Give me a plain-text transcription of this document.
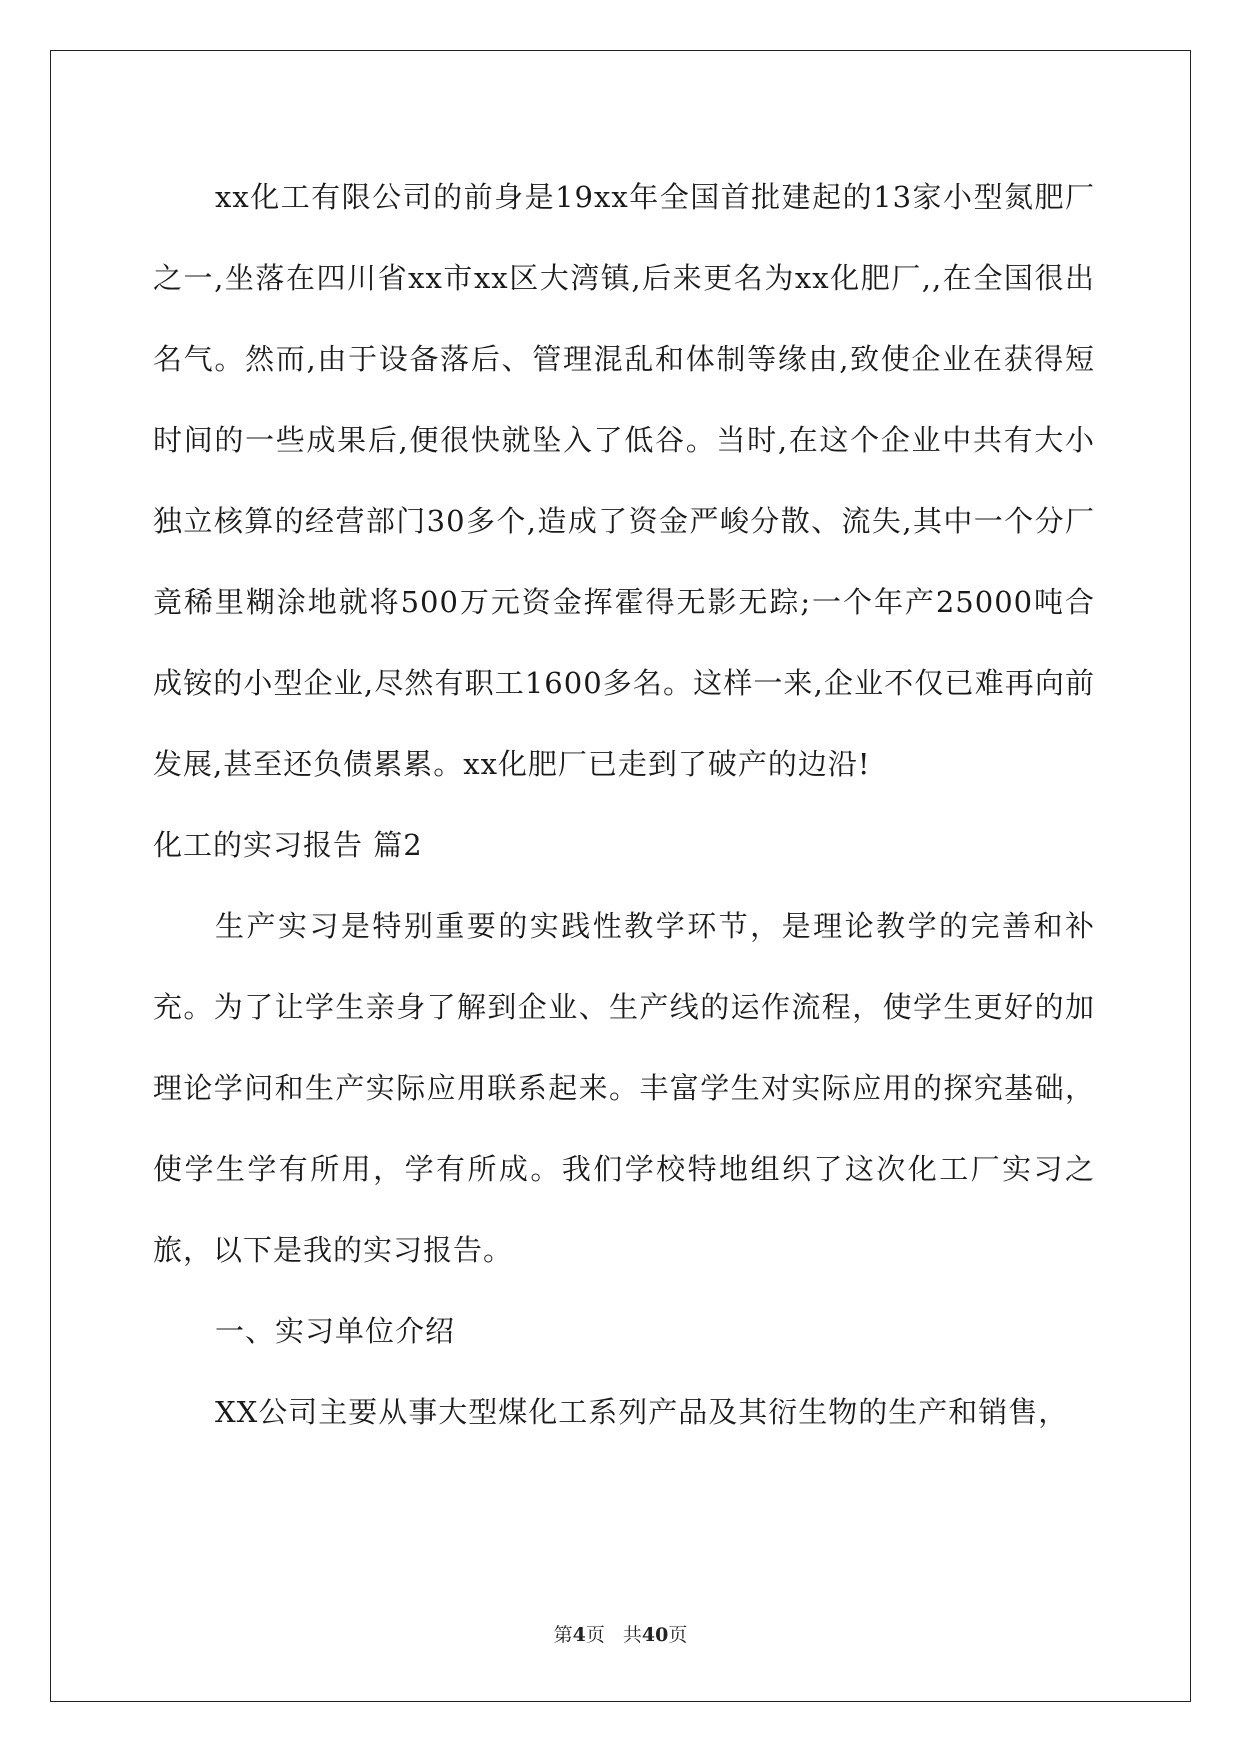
xx化工有限公司的前身是19xx年全国首批建起的13家小型氮肥厂之一,坐落在四川省xx市xx区大湾镇,后来更名为xx化肥厂,,在全国很出名气。然而,由于设备落后、管理混乱和体制等缘由,致使企业在获得短时间的一些成果后,便很快就坠入了低谷。当时,在这个企业中共有大小独立核算的经营部门30多个,造成了资金严峻分散、流失,其中一个分厂竟稀里糊涂地就将500万元资金挥霍得无影无踪;一个年产25000吨合成铵的小型企业,尽然有职工1600多名。这样一来,企业不仅已难再向前发展,甚至还负债累累。xx化肥厂已走到了破产的边沿!

化工的实习报告 篇2

生产实习是特别重要的实践性教学环节，是理论教学的完善和补充。为了让学生亲身了解到企业、生产线的运作流程，使学生更好的加理论学问和生产实际应用联系起来。丰富学生对实际应用的探究基础，使学生学有所用，学有所成。我们学校特地组织了这次化工厂实习之旅，以下是我的实习报告。

一、实习单位介绍

XX公司主要从事大型煤化工系列产品及其衍生物的生产和销售，

第4页 共40页
